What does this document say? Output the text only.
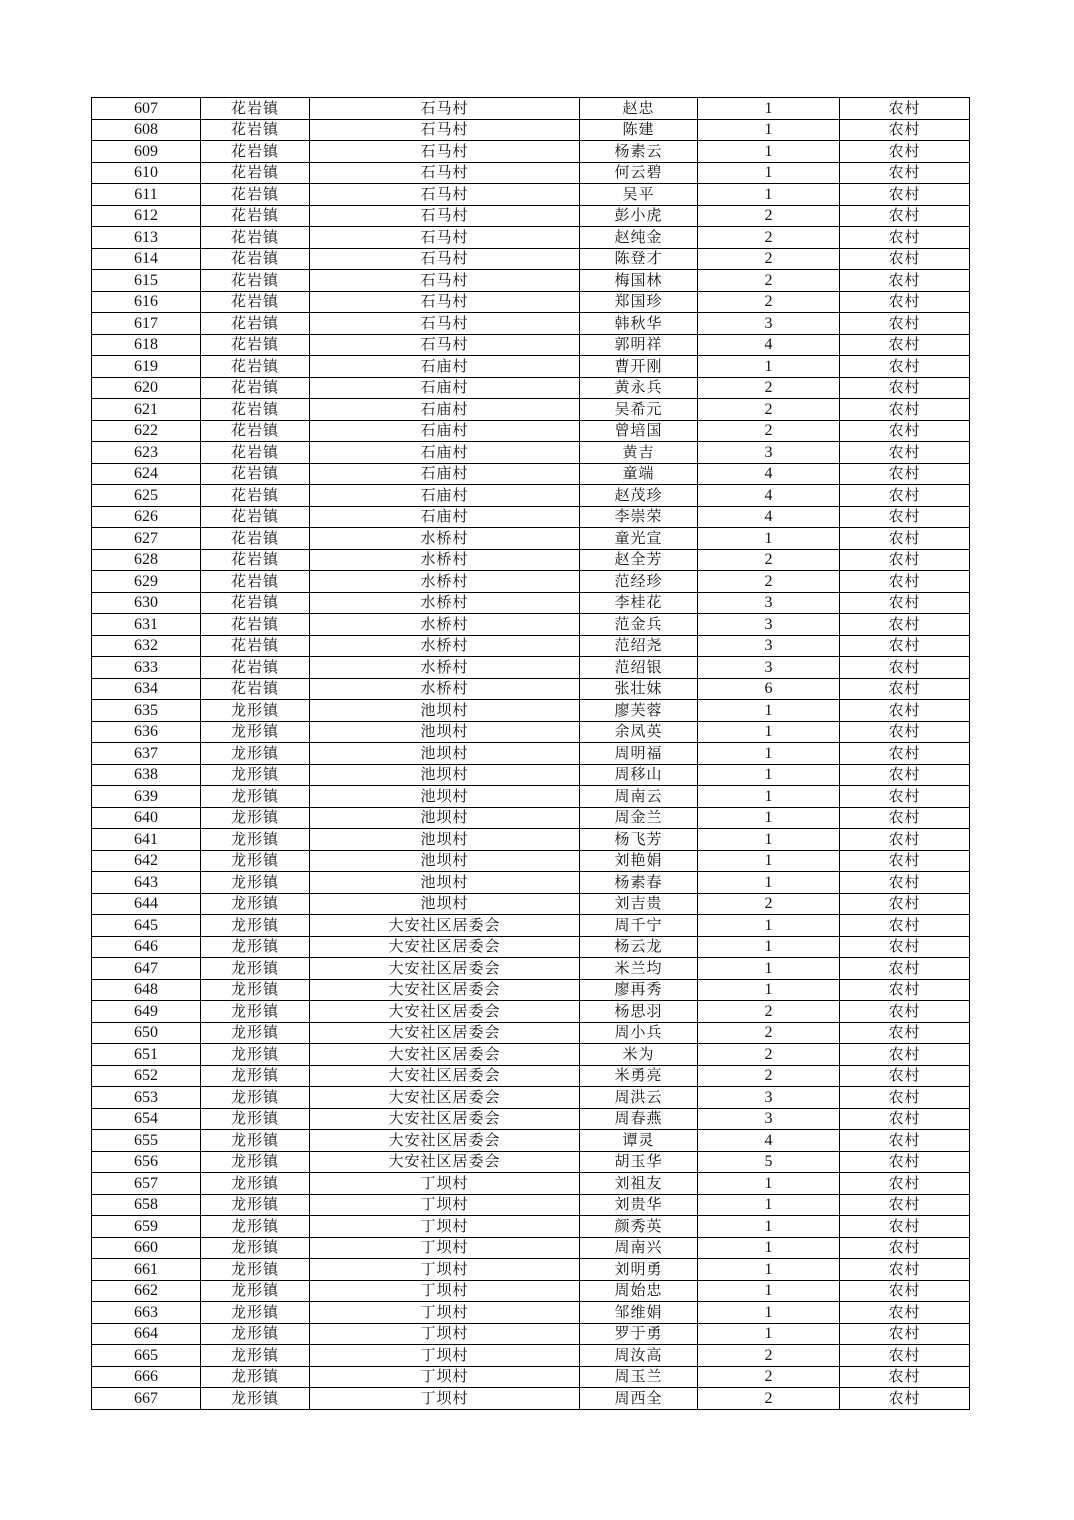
607	花岩镇	石马村	赵忠	1	农村
608	花岩镇	石马村	陈建	1	农村
609	花岩镇	石马村	杨素云	1	农村
610	花岩镇	石马村	何云碧	1	农村
611	花岩镇	石马村	吴平	1	农村
612	花岩镇	石马村	彭小虎	2	农村
613	花岩镇	石马村	赵纯金	2	农村
614	花岩镇	石马村	陈登才	2	农村
615	花岩镇	石马村	梅国林	2	农村
616	花岩镇	石马村	郑国珍	2	农村
617	花岩镇	石马村	韩秋华	3	农村
618	花岩镇	石马村	郭明祥	4	农村
619	花岩镇	石庙村	曹开刚	1	农村
620	花岩镇	石庙村	黄永兵	2	农村
621	花岩镇	石庙村	吴希元	2	农村
622	花岩镇	石庙村	曾培国	2	农村
623	花岩镇	石庙村	黄吉	3	农村
624	花岩镇	石庙村	童端	4	农村
625	花岩镇	石庙村	赵茂珍	4	农村
626	花岩镇	石庙村	李崇荣	4	农村
627	花岩镇	水桥村	童光宣	1	农村
628	花岩镇	水桥村	赵全芳	2	农村
629	花岩镇	水桥村	范经珍	2	农村
630	花岩镇	水桥村	李桂花	3	农村
631	花岩镇	水桥村	范金兵	3	农村
632	花岩镇	水桥村	范绍尧	3	农村
633	花岩镇	水桥村	范绍银	3	农村
634	花岩镇	水桥村	张壮妹	6	农村
635	龙形镇	池坝村	廖芙蓉	1	农村
636	龙形镇	池坝村	余凤英	1	农村
637	龙形镇	池坝村	周明福	1	农村
638	龙形镇	池坝村	周移山	1	农村
639	龙形镇	池坝村	周南云	1	农村
640	龙形镇	池坝村	周金兰	1	农村
641	龙形镇	池坝村	杨飞芳	1	农村
642	龙形镇	池坝村	刘艳娟	1	农村
643	龙形镇	池坝村	杨素春	1	农村
644	龙形镇	池坝村	刘吉贵	2	农村
645	龙形镇	大安社区居委会	周千宁	1	农村
646	龙形镇	大安社区居委会	杨云龙	1	农村
647	龙形镇	大安社区居委会	米兰均	1	农村
648	龙形镇	大安社区居委会	廖再秀	1	农村
649	龙形镇	大安社区居委会	杨思羽	2	农村
650	龙形镇	大安社区居委会	周小兵	2	农村
651	龙形镇	大安社区居委会	米为	2	农村
652	龙形镇	大安社区居委会	米勇亮	2	农村
653	龙形镇	大安社区居委会	周洪云	3	农村
654	龙形镇	大安社区居委会	周春燕	3	农村
655	龙形镇	大安社区居委会	谭灵	4	农村
656	龙形镇	大安社区居委会	胡玉华	5	农村
657	龙形镇	丁坝村	刘祖友	1	农村
658	龙形镇	丁坝村	刘贵华	1	农村
659	龙形镇	丁坝村	颜秀英	1	农村
660	龙形镇	丁坝村	周南兴	1	农村
661	龙形镇	丁坝村	刘明勇	1	农村
662	龙形镇	丁坝村	周始忠	1	农村
663	龙形镇	丁坝村	邹维娟	1	农村
664	龙形镇	丁坝村	罗于勇	1	农村
665	龙形镇	丁坝村	周汝高	2	农村
666	龙形镇	丁坝村	周玉兰	2	农村
667	龙形镇	丁坝村	周西全	2	农村
